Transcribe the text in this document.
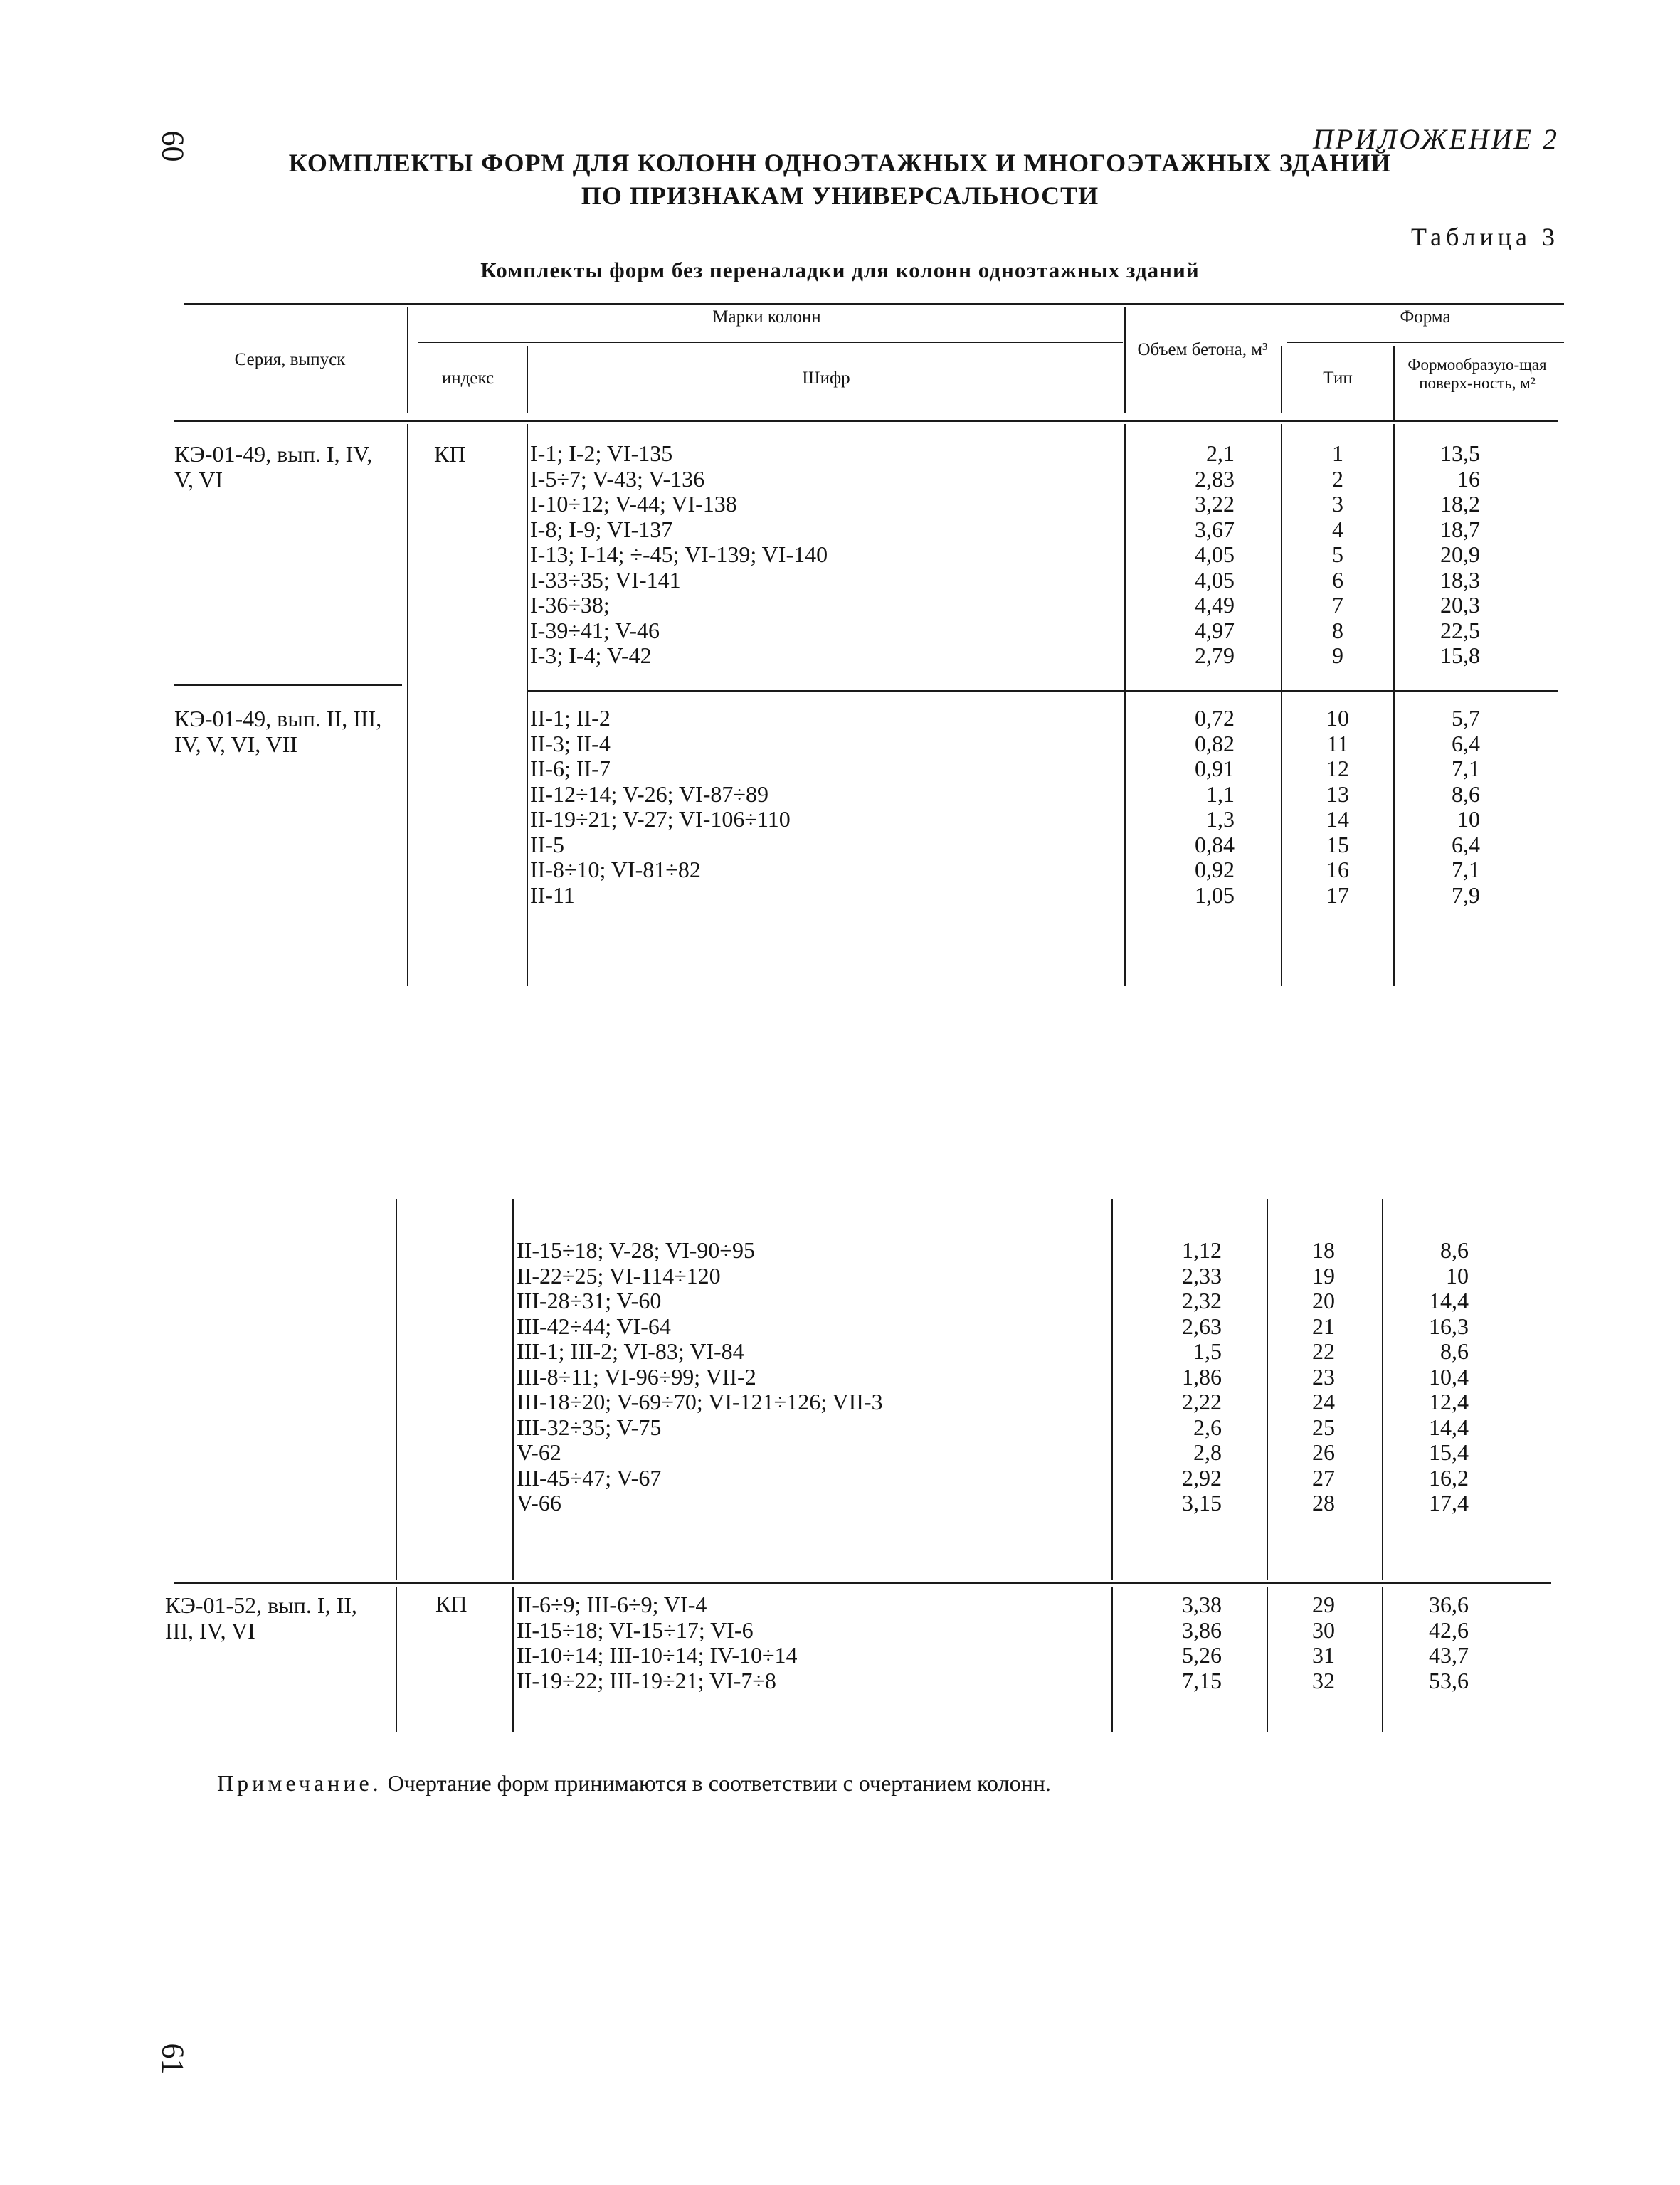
60
61
ПРИЛОЖЕНИЕ 2
КОМПЛЕКТЫ ФОРМ ДЛЯ КОЛОНН ОДНОЭТАЖНЫХ И МНОГОЭТАЖНЫХ ЗДАНИЙ
ПО ПРИЗНАКАМ УНИВЕРСАЛЬНОСТИ
Таблица 3
Комплекты форм без переналадки для колонн одноэтажных зданий
Серия, выпуск
Марки колонн
индекс	Шифр
Объем бетона, м³
Форма
Тип
Формообразую-щая поверх-ность, м²
КЭ-01-49, вып. I, IV, V, VI
КП	I-1; I-2; VI-135
I-5÷7; V-43; V-136
I-10÷12; V-44; VI-138
I-8; I-9; VI-137
I-13; I-14; ÷-45; VI-139; VI-140
I-33÷35; VI-141
I-36÷38;
I-39÷41; V-46
I-3; I-4; V-42
2,1
2,83
3,22
3,67
4,05
4,05
4,49
4,97
2,79
1
2
3
4
5
6
7
8
9
13,5
16
18,2
18,7
20,9
18,3
20,3
22,5
15,8
КЭ-01-49, вып. II, III, IV, V, VI, VII
II-1; II-2
II-3; II-4
II-6; II-7
II-12÷14; V-26; VI-87÷89
II-19÷21; V-27; VI-106÷110
II-5
II-8÷10; VI-81÷82
II-11
0,72
0,82
0,91
1,1
1,3
0,84
0,92
1,05
10
11
12
13
14
15
16
17
5,7
6,4
7,1
8,6
10
6,4
7,1
7,9
II-15÷18; V-28; VI-90÷95
II-22÷25; VI-114÷120
III-28÷31; V-60
III-42÷44; VI-64
III-1; III-2; VI-83; VI-84
III-8÷11; VI-96÷99; VII-2
III-18÷20; V-69÷70; VI-121÷126; VII-3
III-32÷35; V-75
V-62
III-45÷47; V-67
V-66
1,12
2,33
2,32
2,63
1,5
1,86
2,22
2,6
2,8
2,92
3,15
18
19
20
21
22
23
24
25
26
27
28
8,6
10
14,4
16,3
8,6
10,4
12,4
14,4
15,4
16,2
17,4
КЭ-01-52, вып. I, II, III, IV, VI
КП II-6÷9; III-6÷9; VI-4
II-15÷18; VI-15÷17; VI-6
II-10÷14; III-10÷14; IV-10÷14
II-19÷22; III-19÷21; VI-7÷8
3,38
3,86
5,26
7,15
29
30
31
32
36,6
42,6
43,7
53,6
Примечание. Очертание форм принимаются в соответствии с очертанием колонн.
